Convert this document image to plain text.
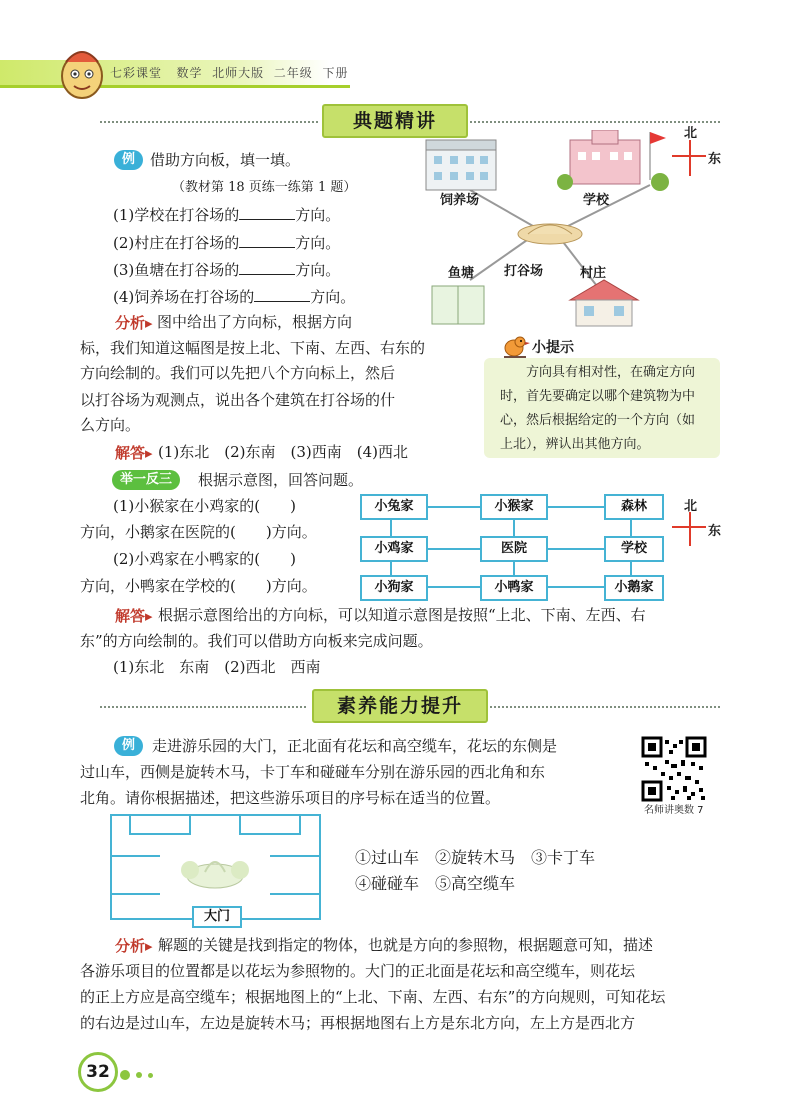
七彩课堂 数学 北师大版 二年级 下册
典题精讲
例 借助方向板，填一填。
（教材第 18 页练一练第 1 题）
(1)学校在打谷场的	方向。
(2)村庄在打谷场的	方向。
(3)鱼塘在打谷场的	方向。
(4)饲养场在打谷场的	方向。
饲养场	学校
鱼塘 打谷场	村庄
北
东
分析▸ 图中给出了方向标，根据方向
标，我们知道这幅图是按上北、下南、左西、右东的
方向绘制的。我们可以先把八个方向标上，然后
以打谷场为观测点，说出各个建筑在打谷场的什
么方向。
小提示
方向具有相对性，在确定方向
时，首先要确定以哪个建筑物为中
心，然后根据给定的一个方向（如
上北），辨认出其他方向。
解答▸ (1)东北　(2)东南　(3)西南　(4)西北
举一反三	根据示意图，回答问题。
(1)小猴家在小鸡家的(　　)
方向，小鹅家在医院的(　　)方向。
(2)小鸡家在小鸭家的(　　)
方向，小鸭家在学校的(　　)方向。
小兔家	小猴家	森林
小鸡家	医院	学校
小狗家	小鸭家	小鹅家
北
东
解答▸ 根据示意图给出的方向标，可以知道示意图是按照“上北、下南、左西、右
东”的方向绘制的。我们可以借助方向板来完成问题。
(1)东北　东南　(2)西北　西南
素养能力提升
例	走进游乐园的大门，正北面有花坛和高空缆车，花坛的东侧是
过山车，西侧是旋转木马，卡丁车和碰碰车分别在游乐园的西北角和东
北角。请你根据描述，把这些游乐项目的序号标在适当的位置。
名师讲奥数 7
大门
①过山车　②旋转木马　③卡丁车
④碰碰车　⑤高空缆车
分析▸ 解题的关键是找到指定的物体，也就是方向的参照物，根据题意可知，描述
各游乐项目的位置都是以花坛为参照物的。大门的正北面是花坛和高空缆车，则花坛
的正上方应是高空缆车；根据地图上的“上北、下南、左西、右东”的方向规则，可知花坛
的右边是过山车，左边是旋转木马；再根据地图右上方是东北方向，左上方是西北方
32
